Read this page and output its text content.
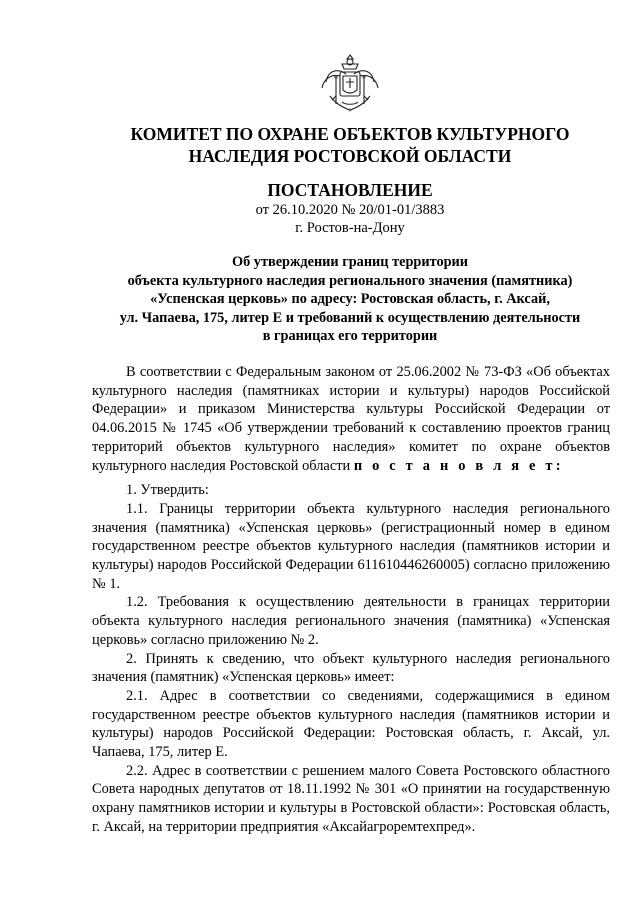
КОМИТЕТ ПО ОХРАНЕ ОБЪЕКТОВ КУЛЬТУРНОГО
НАСЛЕДИЯ РОСТОВСКОЙ ОБЛАСТИ
ПОСТАНОВЛЕНИЕ
от 26.10.2020 № 20/01-01/3883
г. Ростов-на-Дону
Об утверждении границ территории
объекта культурного наследия регионального значения (памятника)
«Успенская церковь» по адресу: Ростовская область, г. Аксай,
ул. Чапаева, 175, литер Е и требований к осуществлению деятельности
в границах его территории

В соответствии с Федеральным законом от 25.06.2002 № 73-ФЗ «Об объектах культурного наследия (памятниках истории и культуры) народов Российской Федерации» и приказом Министерства культуры Российской Федерации от 04.06.2015 № 1745 «Об утверждении требований к составлению проектов границ территорий объектов культурного наследия» комитет по охране объектов культурного наследия Ростовской области п о с т а н о в л я е т:

1. Утвердить:

1.1. Границы территории объекта культурного наследия регионального значения (памятника) «Успенская церковь» (регистрационный номер в едином государственном реестре объектов культурного наследия (памятников истории и культуры) народов Российской Федерации 611610446260005) согласно приложению № 1.

1.2. Требования к осуществлению деятельности в границах территории объекта культурного наследия регионального значения (памятника) «Успенская церковь» согласно приложению № 2.

2. Принять к сведению, что объект культурного наследия регионального значения (памятник) «Успенская церковь» имеет:

2.1. Адрес в соответствии со сведениями, содержащимися в едином государственном реестре объектов культурного наследия (памятников истории и культуры) народов Российской Федерации: Ростовская область, г. Аксай, ул. Чапаева, 175, литер Е.

2.2. Адрес в соответствии с решением малого Совета Ростовского областного Совета народных депутатов от 18.11.1992 № 301 «О принятии на государственную охрану памятников истории и культуры в Ростовской области»: Ростовская область, г. Аксай, на территории предприятия «Аксайагроремтехпред».
